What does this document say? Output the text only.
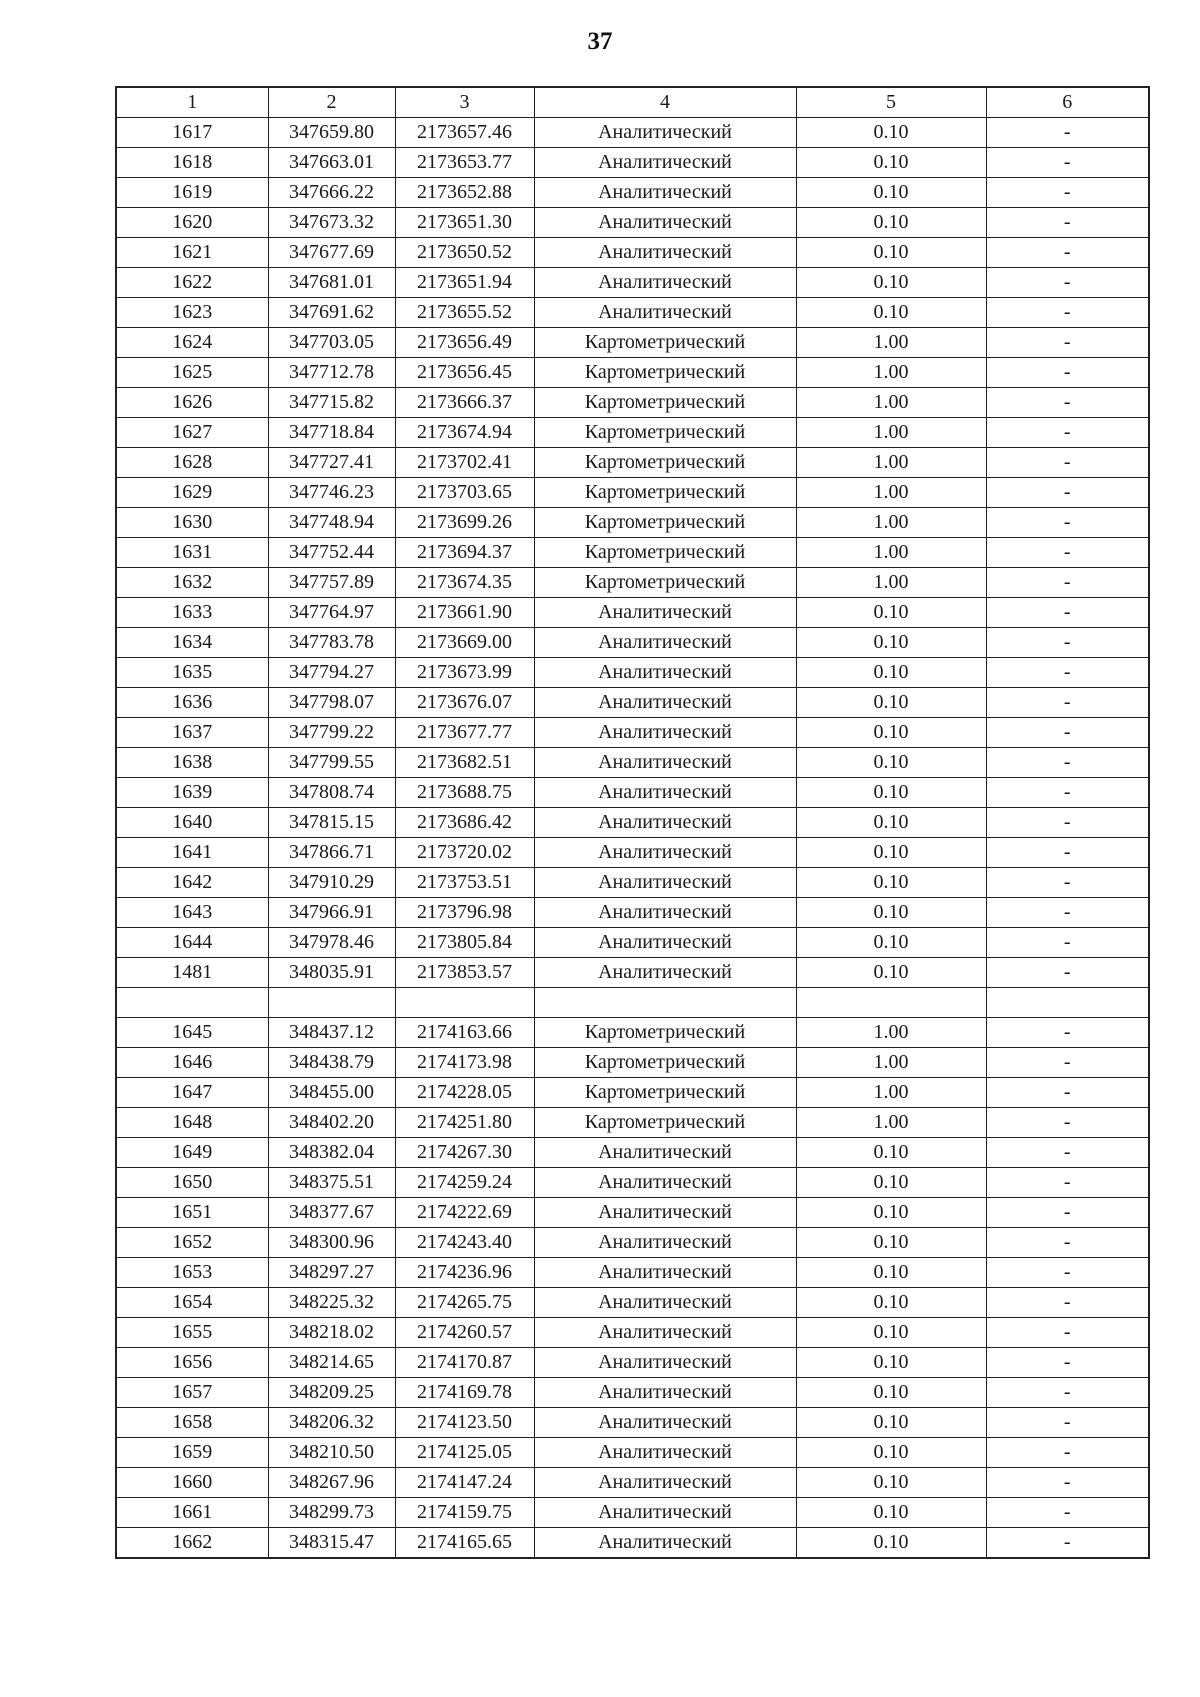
37
1	2	3	4	5	6
1617	347659.80	2173657.46	Аналитический	0.10	-
1618	347663.01	2173653.77	Аналитический	0.10	-
1619	347666.22	2173652.88	Аналитический	0.10	-
1620	347673.32	2173651.30	Аналитический	0.10	-
1621	347677.69	2173650.52	Аналитический	0.10	-
1622	347681.01	2173651.94	Аналитический	0.10	-
1623	347691.62	2173655.52	Аналитический	0.10	-
1624	347703.05	2173656.49	Картометрический	1.00	-
1625	347712.78	2173656.45	Картометрический	1.00	-
1626	347715.82	2173666.37	Картометрический	1.00	-
1627	347718.84	2173674.94	Картометрический	1.00	-
1628	347727.41	2173702.41	Картометрический	1.00	-
1629	347746.23	2173703.65	Картометрический	1.00	-
1630	347748.94	2173699.26	Картометрический	1.00	-
1631	347752.44	2173694.37	Картометрический	1.00	-
1632	347757.89	2173674.35	Картометрический	1.00	-
1633	347764.97	2173661.90	Аналитический	0.10	-
1634	347783.78	2173669.00	Аналитический	0.10	-
1635	347794.27	2173673.99	Аналитический	0.10	-
1636	347798.07	2173676.07	Аналитический	0.10	-
1637	347799.22	2173677.77	Аналитический	0.10	-
1638	347799.55	2173682.51	Аналитический	0.10	-
1639	347808.74	2173688.75	Аналитический	0.10	-
1640	347815.15	2173686.42	Аналитический	0.10	-
1641	347866.71	2173720.02	Аналитический	0.10	-
1642	347910.29	2173753.51	Аналитический	0.10	-
1643	347966.91	2173796.98	Аналитический	0.10	-
1644	347978.46	2173805.84	Аналитический	0.10	-
1481	348035.91	2173853.57	Аналитический	0.10	-

1645	348437.12	2174163.66	Картометрический	1.00	-
1646	348438.79	2174173.98	Картометрический	1.00	-
1647	348455.00	2174228.05	Картометрический	1.00	-
1648	348402.20	2174251.80	Картометрический	1.00	-
1649	348382.04	2174267.30	Аналитический	0.10	-
1650	348375.51	2174259.24	Аналитический	0.10	-
1651	348377.67	2174222.69	Аналитический	0.10	-
1652	348300.96	2174243.40	Аналитический	0.10	-
1653	348297.27	2174236.96	Аналитический	0.10	-
1654	348225.32	2174265.75	Аналитический	0.10	-
1655	348218.02	2174260.57	Аналитический	0.10	-
1656	348214.65	2174170.87	Аналитический	0.10	-
1657	348209.25	2174169.78	Аналитический	0.10	-
1658	348206.32	2174123.50	Аналитический	0.10	-
1659	348210.50	2174125.05	Аналитический	0.10	-
1660	348267.96	2174147.24	Аналитический	0.10	-
1661	348299.73	2174159.75	Аналитический	0.10	-
1662	348315.47	2174165.65	Аналитический	0.10	-
